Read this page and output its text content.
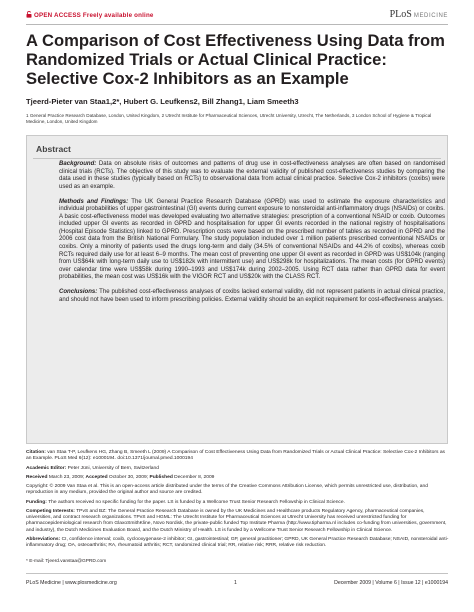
OPEN ACCESS Freely available online	PLoS MEDICINE
A Comparison of Cost Effectiveness Using Data from Randomized Trials or Actual Clinical Practice: Selective Cox-2 Inhibitors as an Example
Tjeerd-Pieter van Staa1,2*, Hubert G. Leufkens2, Bill Zhang1, Liam Smeeth3
1 General Practice Research Database, London, United Kingdom, 2 Utrecht Institute for Pharmaceutical Sciences, Utrecht University, Utrecht, The Netherlands, 3 London School of Hygiene & Tropical Medicine, London, United Kingdom
Abstract

Background: Data on absolute risks of outcomes and patterns of drug use in cost-effectiveness analyses are often based on randomised clinical trials (RCTs). The objective of this study was to evaluate the external validity of published cost-effectiveness studies by comparing the data used in these studies (typically based on RCTs) to observational data from actual clinical practice. Selective Cox-2 inhibitors (coxibs) were used as an example.

Methods and Findings: The UK General Practice Research Database (GPRD) was used to estimate the exposure characteristics and individual probabilities of upper gastrointestinal (GI) events during current exposure to nonsteroidal anti-inflammatory drugs (NSAIDs) or coxibs. A basic cost-effectiveness model was developed evaluating two alternative strategies: prescription of a conventional NSAID or coxib. Outcomes included upper GI events as recorded in GPRD and hospitalisation for upper GI events recorded in the national registry of hospitalisations (Hospital Episode Statistics) linked to GPRD. Prescription costs were based on the prescribed number of tables as recorded in GPRD and the 2006 cost data from the British National Formulary. The study population included over 1 million patients prescribed conventional NSAIDs or coxibs. Only a minority of patients used the drugs long-term and daily (34.5% of conventional NSAIDs and 44.2% of coxibs), whereas coxib RCTs required daily use for at least 6–9 months. The mean cost of preventing one upper GI event as recorded in GPRD was US$104k (ranging from US$64k with long-term daily use to US$182k with intermittent use) and US$298k for hospitalizations. The mean costs (for GPRD events) over calendar time were US$58k during 1990–1993 and US$174k during 2002–2005. Using RCT data rather than GPRD data for event probabilities, the mean cost was US$16k with the VIGOR RCT and US$20k with the CLASS RCT.

Conclusions: The published cost-effectiveness analyses of coxibs lacked external validity, did not represent patients in actual clinical practice, and should not have been used to inform prescribing policies. External validity should be an explicit requirement for cost-effectiveness analyses.

Citation: van Staa T-P, Leufkens HG, Zhang B, Smeeth L (2009) A Comparison of Cost Effectiveness Using Data from Randomized Trials or Actual Clinical Practice: Selective Cox-2 Inhibitors as an Example. PLoS Med 6(12): e1000194. doi:10.1371/journal.pmed.1000194

Academic Editor: Peter Jüni, University of Bern, Switzerland

Received March 23, 2009; Accepted October 30, 2009; Published December 8, 2009

Copyright: © 2009 Van Staa et al. This is an open-access article distributed under the terms of the Creative Commons Attribution License, which permits unrestricted use, distribution, and reproduction in any medium, provided the original author and source are credited.

Funding: The authors received no specific funding for the paper. LS is funded by a Wellcome Trust Senior Research Fellowship in Clinical Science.

Competing Interests: TPvS and BZ: The General Practice Research Database is owned by the UK Medicines and Healthcare products Regulatory Agency, pharmaceutical companies, universities, and contract research organizations. TPvS and HGML: The Utrecht Institute for Pharmaceutical Sciences at Utrecht University has received unrestricted funding for pharmacoepidemiological research from GlaxoSmithKline, Novo Nordisk, the private-public funded Top Institute Pharma (http://www.tipharma.nl includes co-funding from universities, government, and industry), the Dutch Medicines Evaluation Board, and the Dutch Ministry of Health. LS is funded by a Wellcome Trust Senior Research Fellowship in Clinical Science.

Abbreviations: CI, confidence interval; coxib, cyclooxygenase-2 inhibitor; GI, gastrointestinal; GP, general practitioner; GPRD, UK General Practice Research Database; NSAID, nonsteroidal anti-inflammatory drug; OA, osteoarthritis; RA, rheumatoid arthritis; RCT, randomized clinical trial; RR, relative risk; RRR, relative risk reduction.

* E-mail: Tjeerd.vanstaa@GPRD.com
PLoS Medicine | www.plosmedicine.org	1	December 2009 | Volume 6 | Issue 12 | e1000194
